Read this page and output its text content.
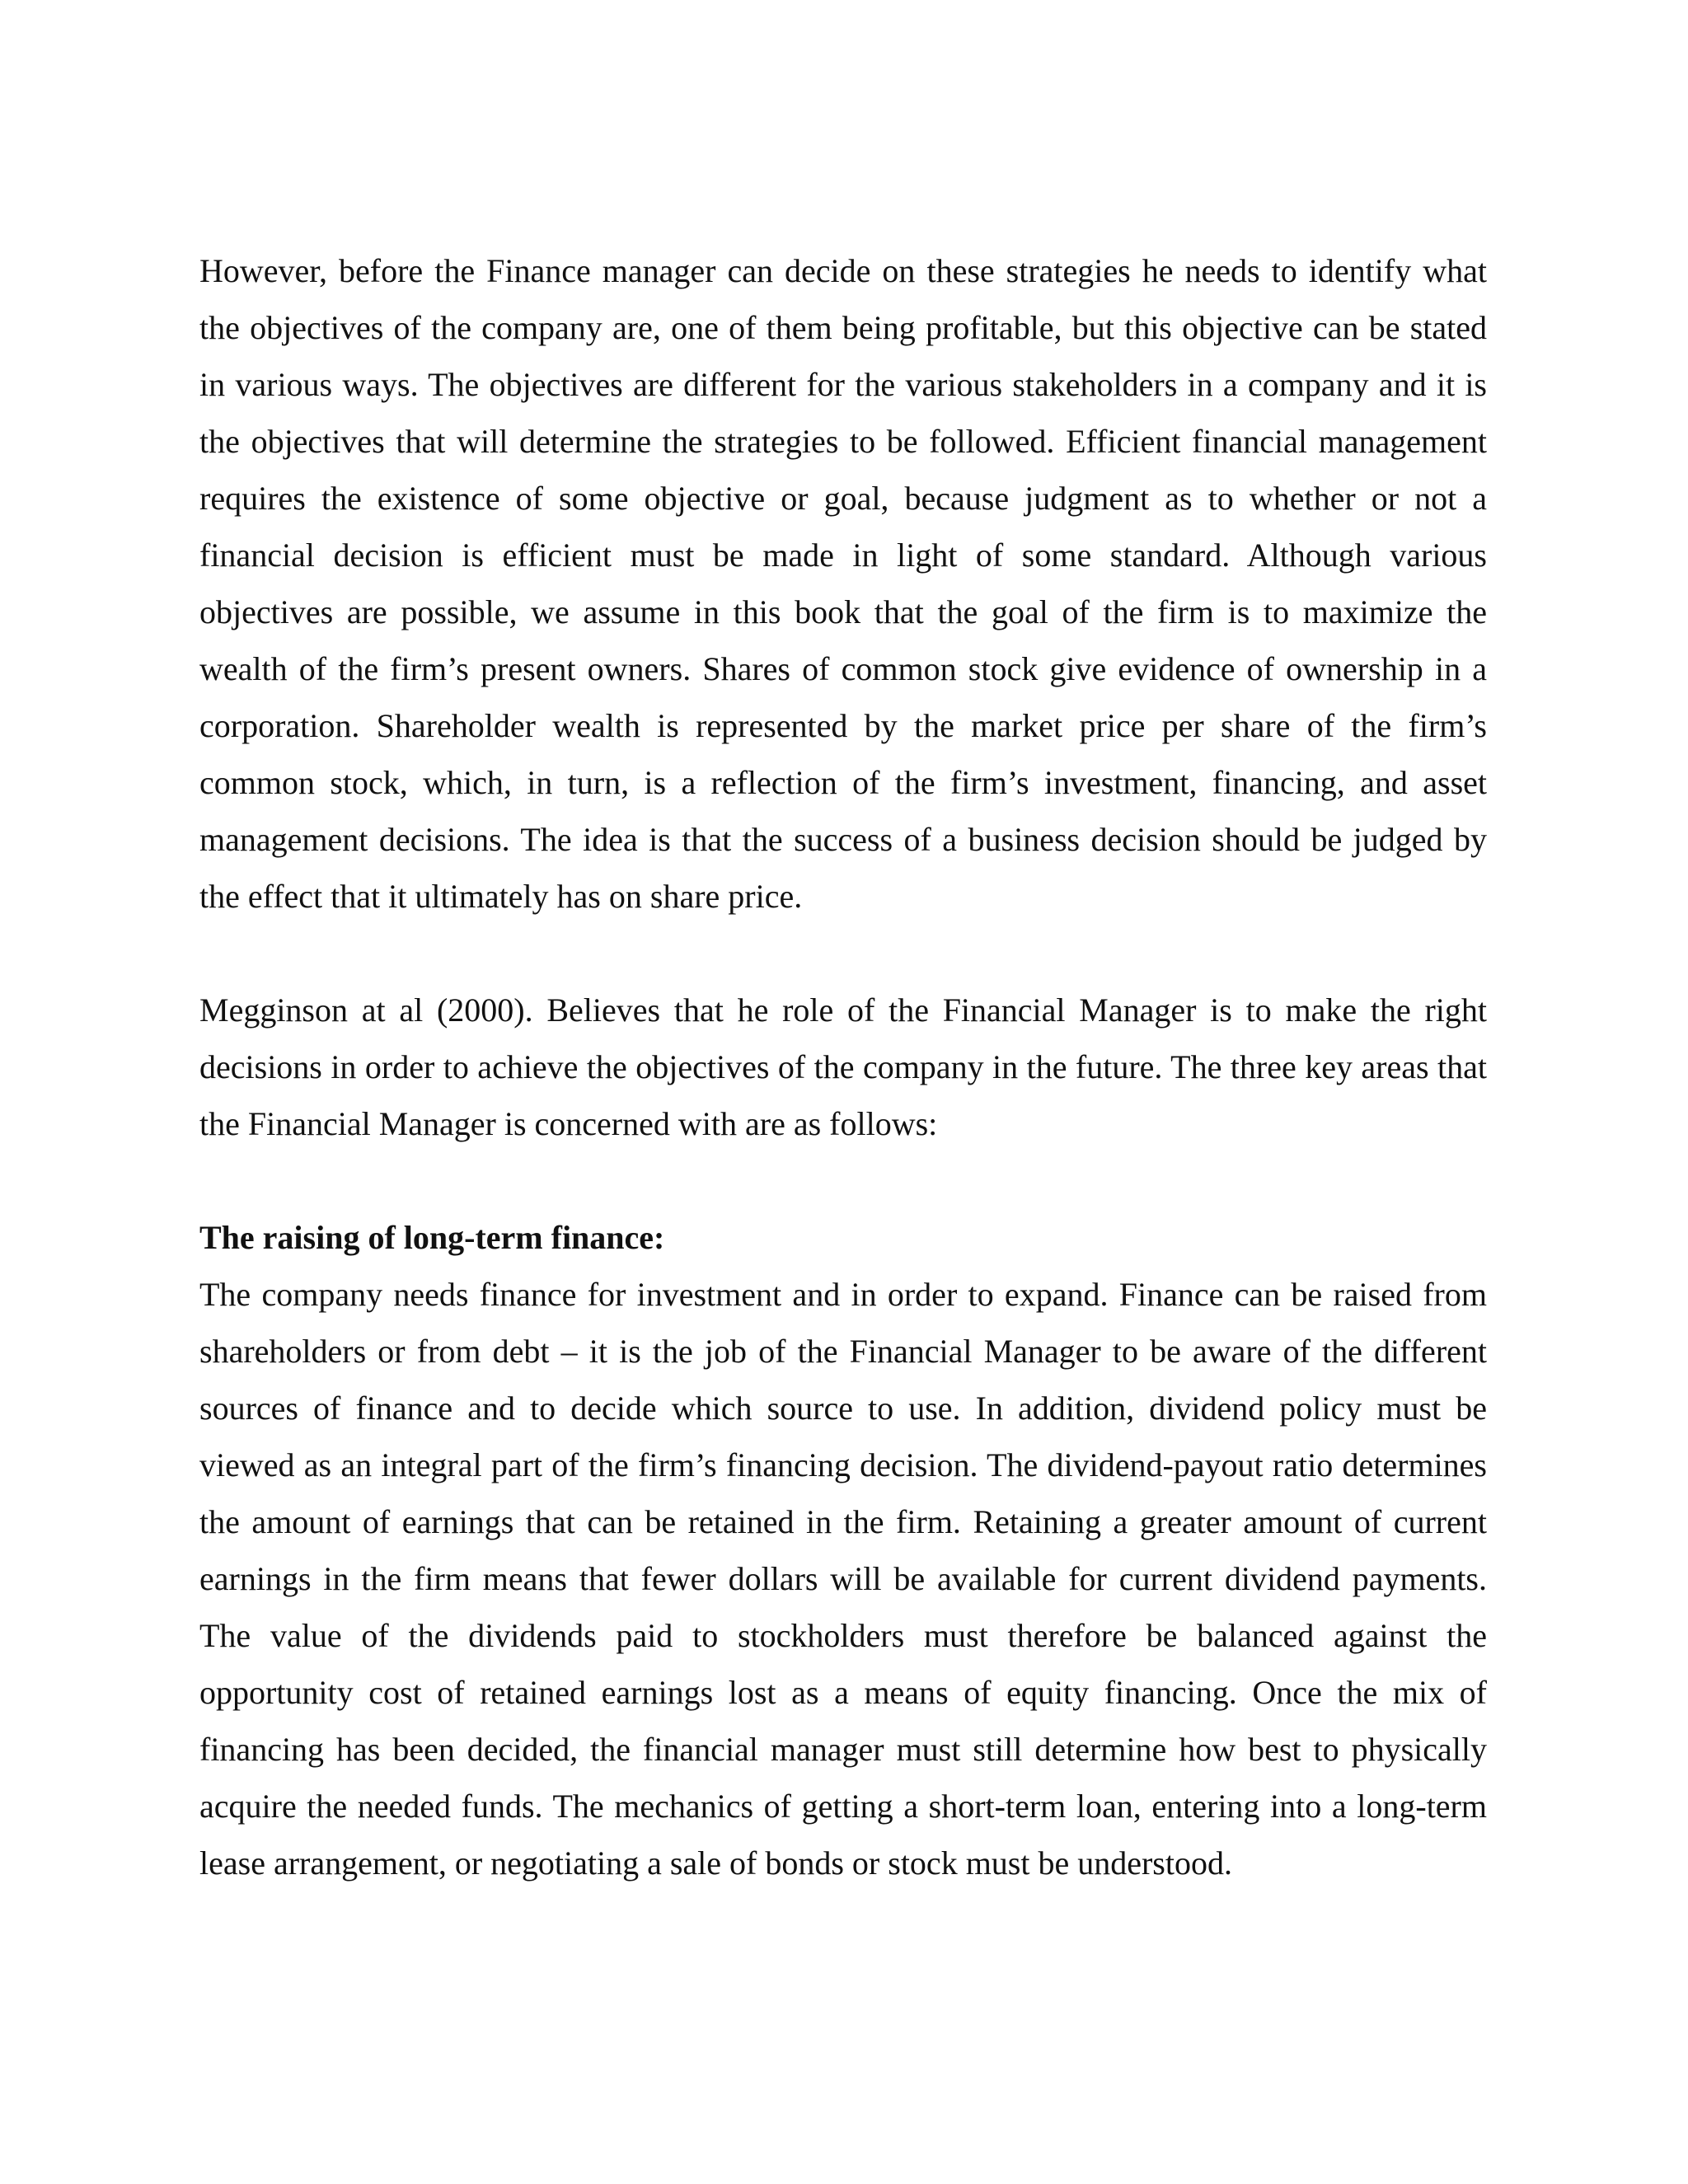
However, before the Finance manager can decide on these strategies he needs to identify what the objectives of the company are, one of them being profitable, but this objective can be stated in various ways. The objectives are different for the various stakeholders in a company and it is the objectives that will determine the strategies to be followed. Efficient financial management requires the existence of some objective or goal, because judgment as to whether or not a financial decision is efficient must be made in light of some standard. Although various objectives are possible, we assume in this book that the goal of the firm is to maximize the wealth of the firm’s present owners. Shares of common stock give evidence of ownership in a corporation. Shareholder wealth is represented by the market price per share of the firm’s common stock, which, in turn, is a reflection of the firm’s investment, financing, and asset management decisions. The idea is that the success of a business decision should be judged by the effect that it ultimately has on share price.

Megginson at al (2000). Believes that he role of the Financial Manager is to make the right decisions in order to achieve the objectives of the company in the future. The three key areas that the Financial Manager is concerned with are as follows:

The raising of long-term finance:

The company needs finance for investment and in order to expand. Finance can be raised from shareholders or from debt – it is the job of the Financial Manager to be aware of the different sources of finance and to decide which source to use. In addition, dividend policy must be viewed as an integral part of the firm’s financing decision. The dividend-payout ratio determines the amount of earnings that can be retained in the firm. Retaining a greater amount of current earnings in the firm means that fewer dollars will be available for current dividend payments. The value of the dividends paid to stockholders must therefore be balanced against the opportunity cost of retained earnings lost as a means of equity financing. Once the mix of financing has been decided, the financial manager must still determine how best to physically acquire the needed funds. The mechanics of getting a short-term loan, entering into a long-term lease arrangement, or negotiating a sale of bonds or stock must be understood.
